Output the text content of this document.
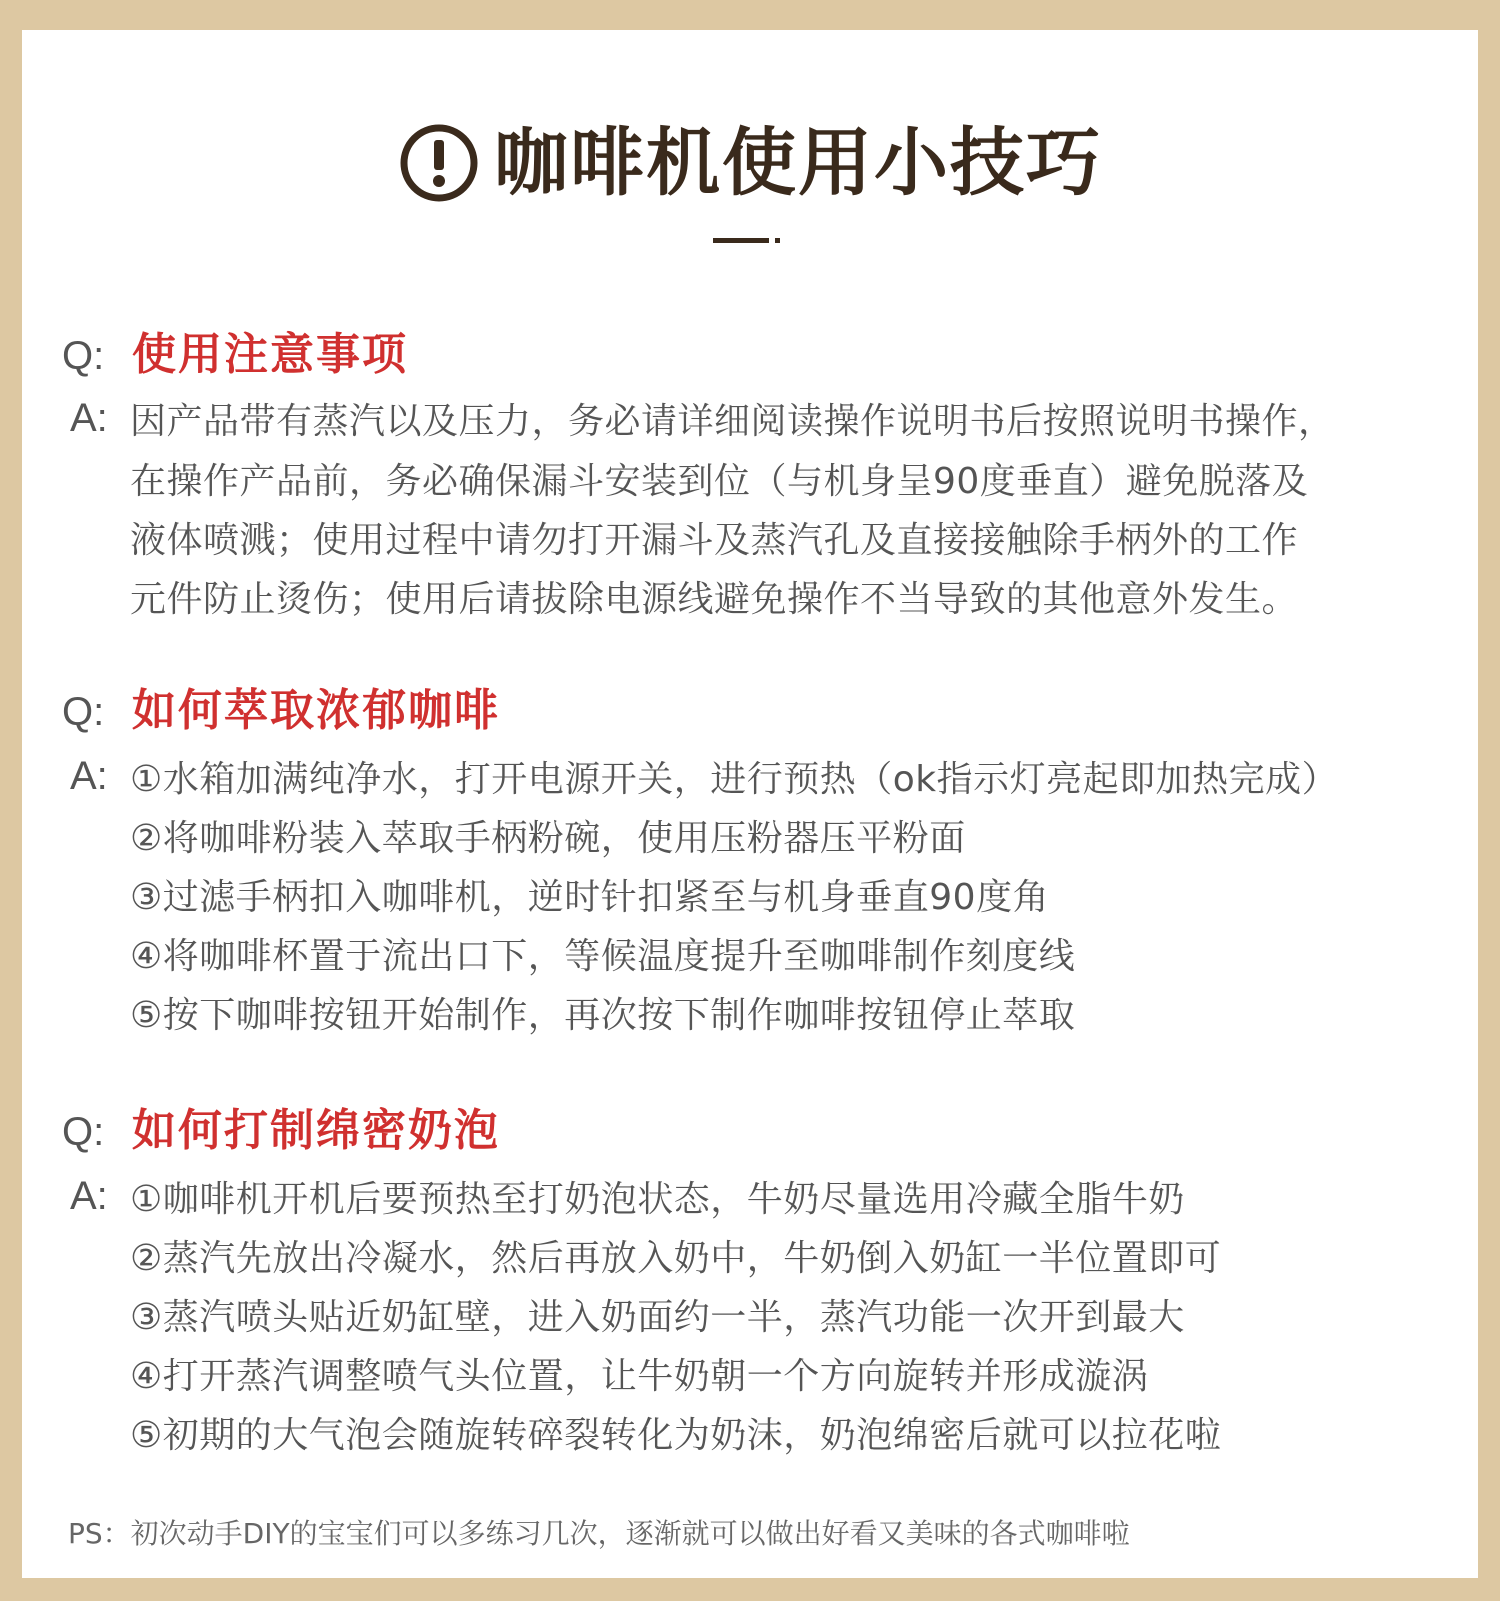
咖啡机使用小技巧
Q: 使用注意事项
A: 因产品带有蒸汽以及压力，务必请详细阅读操作说明书后按照说明书操作，
在操作产品前，务必确保漏斗安装到位（与机身呈90度垂直）避免脱落及
液体喷溅；使用过程中请勿打开漏斗及蒸汽孔及直接接触除手柄外的工作
元件防止烫伤；使用后请拔除电源线避免操作不当导致的其他意外发生。
Q: 如何萃取浓郁咖啡
A: ①水箱加满纯净水，打开电源开关，进行预热（ok指示灯亮起即加热完成）
②将咖啡粉装入萃取手柄粉碗，使用压粉器压平粉面
③过滤手柄扣入咖啡机，逆时针扣紧至与机身垂直90度角
④将咖啡杯置于流出口下，等候温度提升至咖啡制作刻度线
⑤按下咖啡按钮开始制作，再次按下制作咖啡按钮停止萃取
Q: 如何打制绵密奶泡
A: ①咖啡机开机后要预热至打奶泡状态，牛奶尽量选用冷藏全脂牛奶
②蒸汽先放出冷凝水，然后再放入奶中，牛奶倒入奶缸一半位置即可
③蒸汽喷头贴近奶缸壁，进入奶面约一半，蒸汽功能一次开到最大
④打开蒸汽调整喷气头位置，让牛奶朝一个方向旋转并形成漩涡
⑤初期的大气泡会随旋转碎裂转化为奶沫，奶泡绵密后就可以拉花啦
PS：初次动手DIY的宝宝们可以多练习几次，逐渐就可以做出好看又美味的各式咖啡啦
